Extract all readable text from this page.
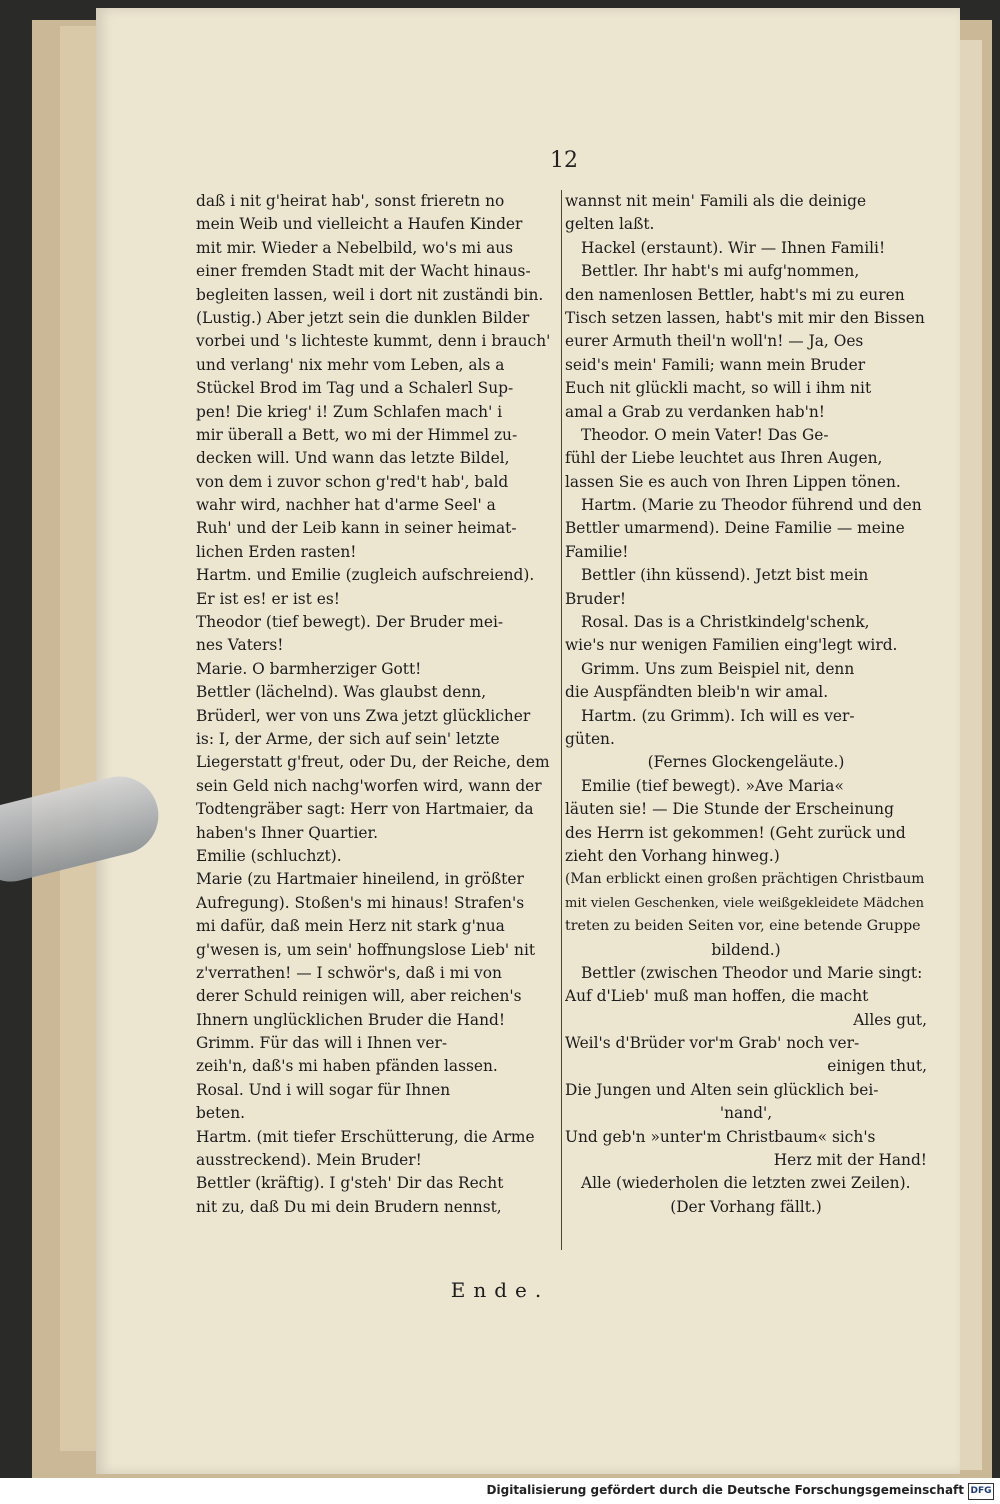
12
daß i nit g'heirat hab', sonst frieretn no
mein Weib und vielleicht a Haufen Kinder
mit mir. Wieder a Nebelbild, wo's mi aus
einer fremden Stadt mit der Wacht hinaus-
begleiten lassen, weil i dort nit zuständi bin.
(Lustig.) Aber jetzt sein die dunklen Bilder
vorbei und 's lichteste kummt, denn i brauch'
und verlang' nix mehr vom Leben, als a
Stückel Brod im Tag und a Schalerl Sup-
pen! Die krieg' i! Zum Schlafen mach' i
mir überall a Bett, wo mi der Himmel zu-
decken will. Und wann das letzte Bildel,
von dem i zuvor schon g'red't hab', bald
wahr wird, nachher hat d'arme Seel' a
Ruh' und der Leib kann in seiner heimat-
lichen Erden rasten!
Hartm. und Emilie (zugleich aufschreiend).
Er ist es! er ist es!
Theodor (tief bewegt). Der Bruder mei-
nes Vaters!
Marie. O barmherziger Gott!
Bettler (lächelnd). Was glaubst denn,
Brüderl, wer von uns Zwa jetzt glücklicher
is: I, der Arme, der sich auf sein' letzte
Liegerstatt g'freut, oder Du, der Reiche, dem
sein Geld nich nachg'worfen wird, wann der
Todtengräber sagt: Herr von Hartmaier, da
haben's Ihner Quartier.
Emilie (schluchzt).
Marie (zu Hartmaier hineilend, in größter
Aufregung). Stoßen's mi hinaus! Strafen's
mi dafür, daß mein Herz nit stark g'nua
g'wesen is, um sein' hoffnungslose Lieb' nit
z'verrathen! — I schwör's, daß i mi von
derer Schuld reinigen will, aber reichen's
Ihnern unglücklichen Bruder die Hand!
Grimm. Für das will i Ihnen ver-
zeih'n, daß's mi haben pfänden lassen.
Rosal. Und i will sogar für Ihnen
beten.
Hartm. (mit tiefer Erschütterung, die Arme
ausstreckend). Mein Bruder!
Bettler (kräftig). I g'steh' Dir das Recht
nit zu, daß Du mi dein Brudern nennst,
wannst nit mein' Famili als die deinige
gelten laßt.
Hackel (erstaunt). Wir — Ihnen Famili!
Bettler. Ihr habt's mi aufg'nommen,
den namenlosen Bettler, habt's mi zu euren
Tisch setzen lassen, habt's mit mir den Bissen
eurer Armuth theil'n woll'n! — Ja, Oes
seid's mein' Famili; wann mein Bruder
Euch nit glückli macht, so will i ihm nit
amal a Grab zu verdanken hab'n!
Theodor. O mein Vater! Das Ge-
fühl der Liebe leuchtet aus Ihren Augen,
lassen Sie es auch von Ihren Lippen tönen.
Hartm. (Marie zu Theodor führend und den
Bettler umarmend). Deine Familie — meine
Familie!
Bettler (ihn küssend). Jetzt bist mein
Bruder!
Rosal. Das is a Christkindelg'schenk,
wie's nur wenigen Familien eing'legt wird.
Grimm. Uns zum Beispiel nit, denn
die Auspfändten bleib'n wir amal.
Hartm. (zu Grimm). Ich will es ver-
güten.
(Fernes Glockengeläute.)
Emilie (tief bewegt). »Ave Maria«
läuten sie! — Die Stunde der Erscheinung
des Herrn ist gekommen! (Geht zurück und
zieht den Vorhang hinweg.)
(Man erblickt einen großen prächtigen Christbaum
mit vielen Geschenken, viele weißgekleidete Mädchen
treten zu beiden Seiten vor, eine betende Gruppe
bildend.)
Bettler (zwischen Theodor und Marie singt:
Auf d'Lieb' muß man hoffen, die macht
Alles gut,
Weil's d'Brüder vor'm Grab' noch ver-
einigen thut,
Die Jungen und Alten sein glücklich bei-
'nand',
Und geb'n »unter'm Christbaum« sich's
Herz mit der Hand!
Alle (wiederholen die letzten zwei Zeilen).
(Der Vorhang fällt.)
Ende.
Digitalisierung gefördert durch die Deutsche Forschungsgemeinschaft DFG
